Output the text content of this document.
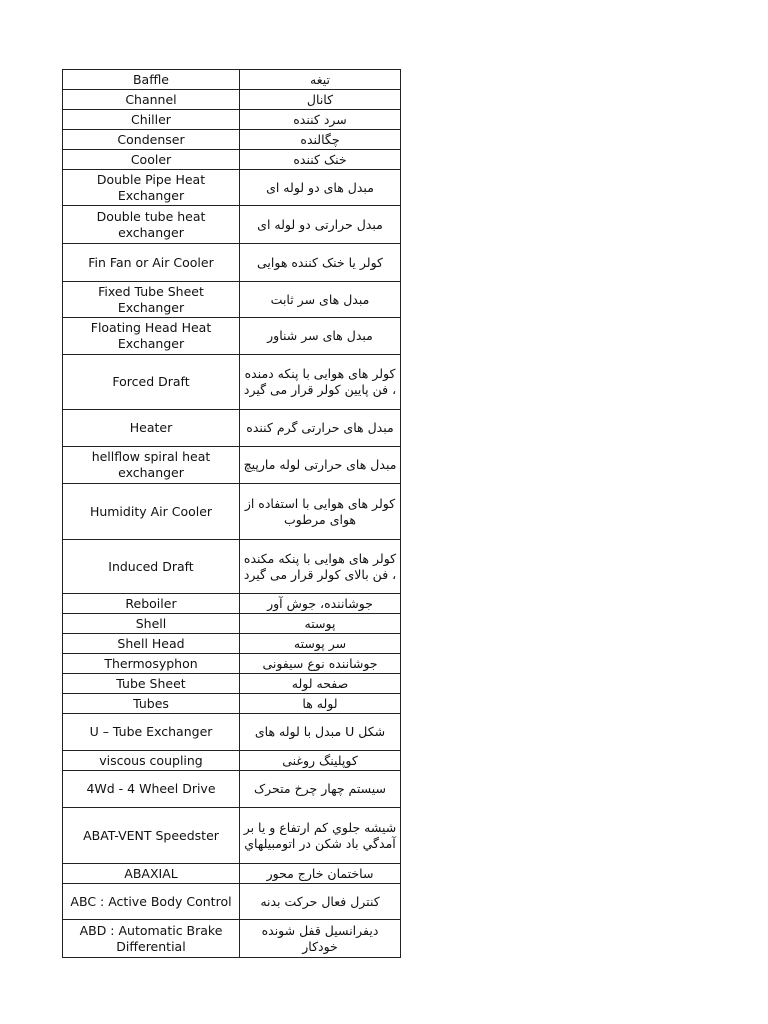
Baffle	تیغه
Channel	کانال
Chiller	سرد کننده
Condenser	چگالنده
Cooler	خنک کننده
Double Pipe Heat Exchanger	مبدل های دو لوله ای
Double tube heat exchanger	مبدل حرارتی دو لوله ای
Fin Fan or Air Cooler	کولر یا خنک کننده هوایی
Fixed Tube Sheet Exchanger	مبدل های سر ثابت
Floating Head Heat Exchanger	مبدل های سر شناور
Forced Draft	کولر های هوایی با پنکه دمنده ، فن پایین کولر قرار می گیرد
Heater	مبدل های حرارتی گرم کننده
hellflow spiral heat exchanger	مبدل های حرارتی لوله مارپیچ
Humidity Air Cooler	کولر های هوایی با استفاده از هوای مرطوب
Induced Draft	کولر های هوایی با پنکه مکنده ، فن بالای کولر قرار می گیرد
Reboiler	جوشاننده، جوش آور
Shell	پوسته
Shell Head	سر پوسته
Thermosyphon	جوشاننده نوع سیفونی
Tube Sheet	صفحه لوله
Tubes	لوله ها
U – Tube Exchanger	شکل U مبدل با لوله های
viscous coupling	کوپلینگ روغنی
4Wd - 4 Wheel Drive	سیستم چهار چرخ متحرک
ABAT-VENT Speedster	شيشه جلوي كم ارتفاع و يا بر آمدگي باد شكن در اتومبيلهاي
ABAXIAL	ساختمان خارج محور
ABC : Active Body Control	کنترل فعال حرکت بدنه
ABD : Automatic Brake Differential	دیفرانسیل قفل شونده خودکار
